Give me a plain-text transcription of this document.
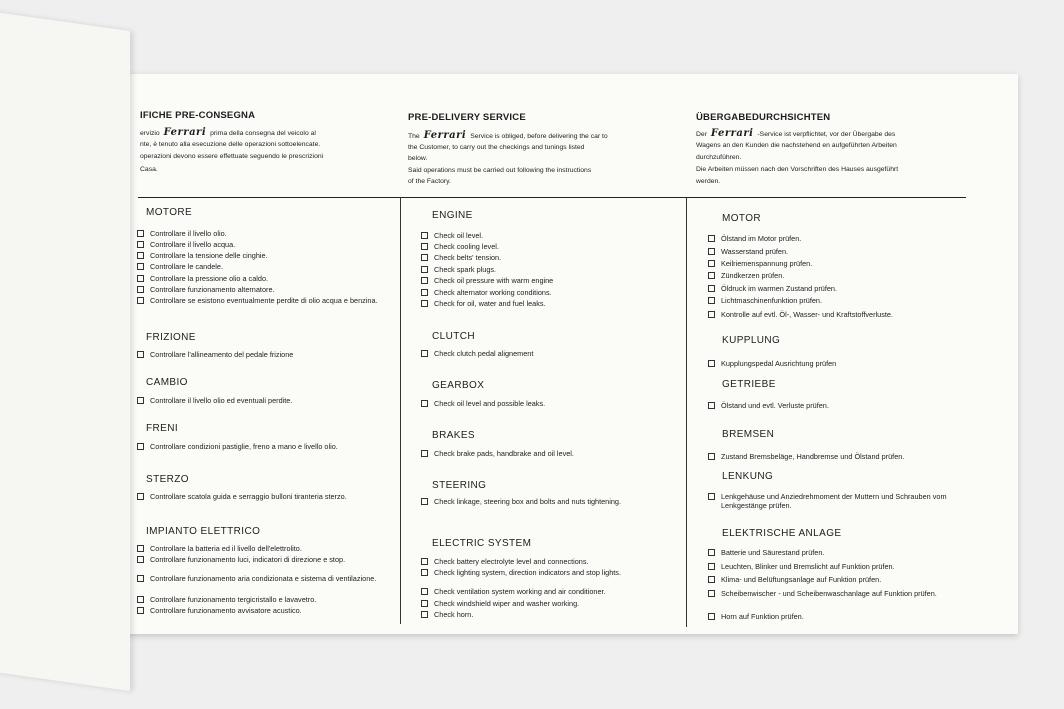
IFICHE PRE-CONSEGNA	PRE-DELIVERY SERVICE	ÜBERGABEDURCHSICHTEN
ervizio Ferrari prima della consegna del veicolo al
nte, è tenuto alla esecuzione delle operazioni sottoelencate.
operazioni devono essere effettuate seguendo le prescrizioni
Casa.
MOTORE
Controllare il livello olio.
Controllare il livello acqua.
Controllare la tensione delle cinghie.
Controllare le candele.
Controllare la pressione olio a caldo.
Controllare funzionamento alternatore.
Controllare se esistono eventualmente perdite di olio acqua e benzina.
FRIZIONE
Controllare l'allineamento del pedale frizione
CAMBIO
Controllare il livello olio ed eventuali perdite.
FRENI
Controllare condizioni pastiglie, freno a mano e livello olio.
STERZO
Controllare scatola guida e serraggio bulloni tiranteria sterzo.
IMPIANTO ELETTRICO
Controllare la batteria ed il livello dell'elettrolito.
Controllare funzionamento luci, indicatori di direzione e stop.
Controllare funzionamento aria condizionata e sistema di ventilazione.
Controllare funzionamento tergicristallo e lavavetro.
Controllare funzionamento avvisatore acustico.
The Ferrari Service is obliged, before delivering the car to
the Customer, to carry out the checkings and tunings listed
below.
Said operations must be carried out following the instructions
of the Factory.
ENGINE
Check oil level.
Check cooling level.
Check belts' tension.
Check spark plugs.
Check oil pressure with warm engine
Check alternator working conditions.
Check for oil, water and fuel leaks.
CLUTCH
Check clutch pedal alignement
GEARBOX
Check oil level and possible leaks.
BRAKES
Check brake pads, handbrake and oil level.
STEERING
Check linkage, steering box and bolts and nuts tightening.
ELECTRIC SYSTEM
Check battery electrolyte level and connections.
Check lighting system, direction indicators and stop lights.
Check ventilation system working and air conditioner.
Check windshield wiper and washer working.
Check horn.
Der Ferrari -Service ist verpflichtet, vor der Übergabe des
Wagens an den Kunden die nachstehend en aufgeführten Arbeiten
durchzuführen.
Die Arbeiten müssen nach den Vorschriften des Hauses ausgeführt
werden.
MOTOR
Ölstand im Motor prüfen.
Wasserstand prüfen.
Keilriemenspannung prüfen.
Zündkerzen prüfen.
Öldruck im warmen Zustand prüfen.
Lichtmaschinenfunktion prüfen.
Kontrolle auf evtl. Öl-, Wasser- und Kraftstoffverluste.
KUPPLUNG
Kupplungspedal Ausrichtung prüfen
GETRIEBE
Ölstand und evtl. Verluste prüfen.
BREMSEN
Zustand Bremsbeläge, Handbremse und Ölstand prüfen.
LENKUNG
Lenkgehäuse und Anziedrehmoment der Muttern und Schrauben vom Lenkgestänge prüfen.
ELEKTRISCHE ANLAGE
Batterie und Säurestand prüfen.
Leuchten, Blinker und Bremslicht auf Funktion prüfen.
Klima- und Belüftungsanlage auf Funktion prüfen.
Scheibenwischer - und Scheibenwaschanlage auf Funktion prüfen.
Horn auf Funktion prüfen.
